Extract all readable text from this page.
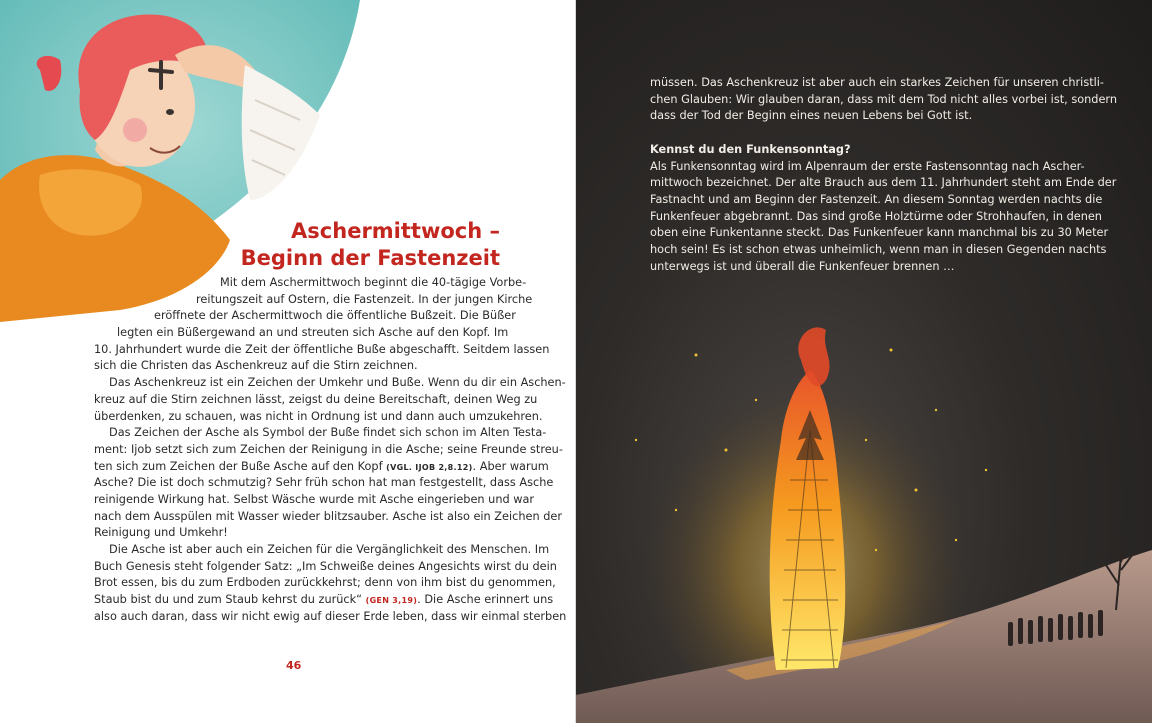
Aschermittwoch –
Beginn der Fastenzeit
Mit dem Aschermittwoch beginnt die 40-tägige Vorbe-
reitungszeit auf Ostern, die Fastenzeit. In der jungen Kirche
eröffnete der Aschermittwoch die öffentliche Bußzeit. Die Büßer
legten ein Büßergewand an und streuten sich Asche auf den Kopf. Im
10. Jahrhundert wurde die Zeit der öffentliche Buße abgeschafft. Seitdem lassen
sich die Christen das Aschenkreuz auf die Stirn zeichnen.
Das Aschenkreuz ist ein Zeichen der Umkehr und Buße. Wenn du dir ein Aschen-
kreuz auf die Stirn zeichnen lässt, zeigst du deine Bereitschaft, deinen Weg zu
überdenken, zu schauen, was nicht in Ordnung ist und dann auch umzukehren.
Das Zeichen der Asche als Symbol der Buße findet sich schon im Alten Testa-
ment: Ijob setzt sich zum Zeichen der Reinigung in die Asche; seine Freunde streu-
ten sich zum Zeichen der Buße Asche auf den Kopf (VGL. IJOB 2,8.12). Aber warum
Asche? Die ist doch schmutzig? Sehr früh schon hat man festgestellt, dass Asche
reinigende Wirkung hat. Selbst Wäsche wurde mit Asche eingerieben und war
nach dem Ausspülen mit Wasser wieder blitzsauber. Asche ist also ein Zeichen der
Reinigung und Umkehr!
Die Asche ist aber auch ein Zeichen für die Vergänglichkeit des Menschen. Im
Buch Genesis steht folgender Satz: „Im Schweiße deines Angesichts wirst du dein
Brot essen, bis du zum Erdboden zurückkehrst; denn von ihm bist du genommen,
Staub bist du und zum Staub kehrst du zurück“ (GEN 3,19). Die Asche erinnert uns
also auch daran, dass wir nicht ewig auf dieser Erde leben, dass wir einmal sterben
46
müssen. Das Aschenkreuz ist aber auch ein starkes Zeichen für unseren christli-
chen Glauben: Wir glauben daran, dass mit dem Tod nicht alles vorbei ist, sondern
dass der Tod der Beginn eines neuen Lebens bei Gott ist.
Kennst du den Funkensonntag?
Als Funkensonntag wird im Alpenraum der erste Fastensonntag nach Ascher-
mittwoch bezeichnet. Der alte Brauch aus dem 11. Jahrhundert steht am Ende der
Fastnacht und am Beginn der Fastenzeit. An diesem Sonntag werden nachts die
Funkenfeuer abgebrannt. Das sind große Holztürme oder Strohhaufen, in denen
oben eine Funkentanne steckt. Das Funkenfeuer kann manchmal bis zu 30 Meter
hoch sein! Es ist schon etwas unheimlich, wenn man in diesen Gegenden nachts
unterwegs ist und überall die Funkenfeuer brennen …
